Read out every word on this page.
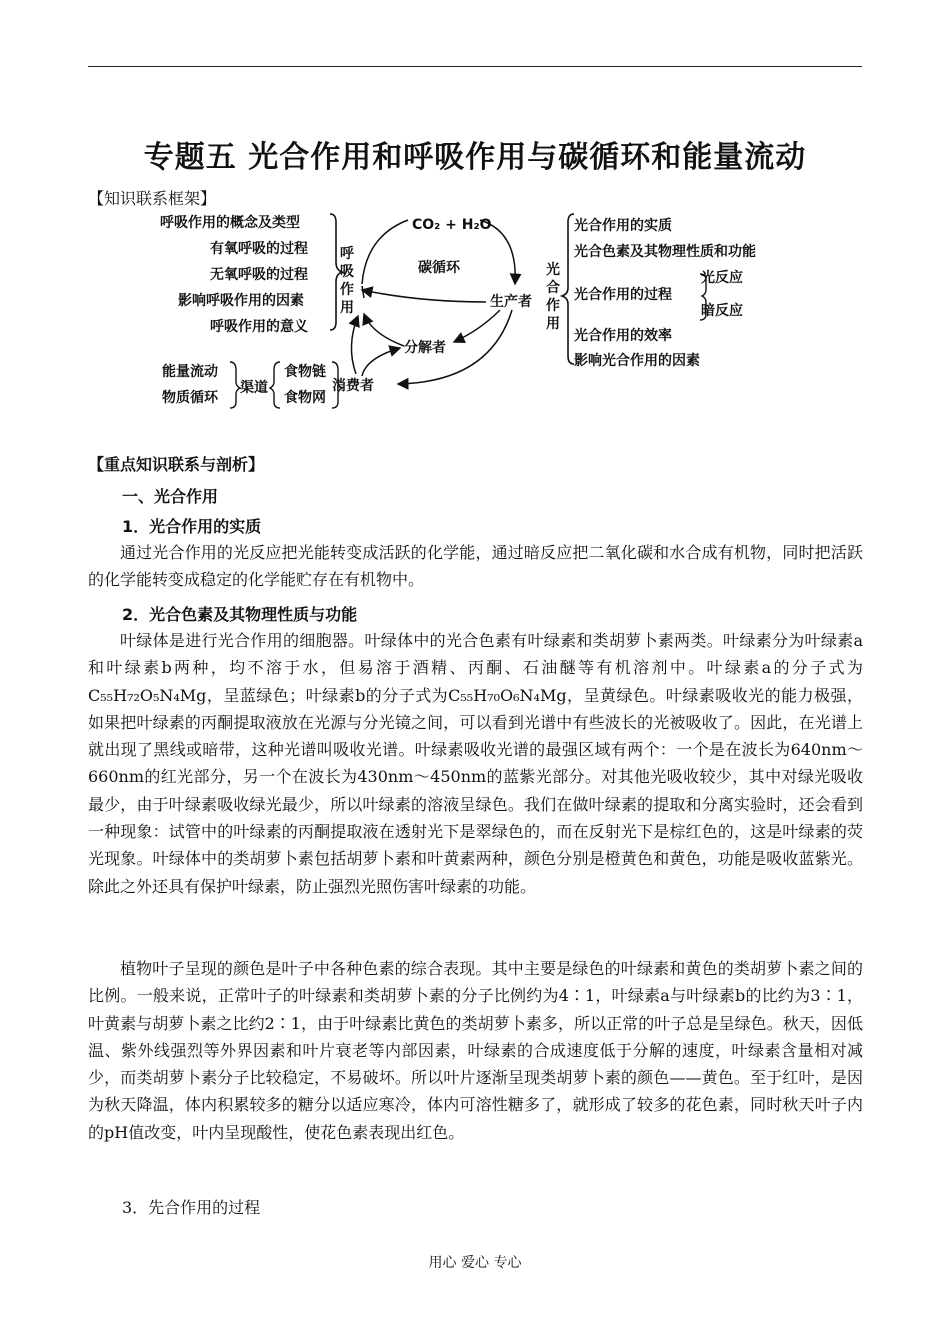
专题五 光合作用和呼吸作用与碳循环和能量流动
【知识联系框架】
呼吸作用的概念及类型
有氧呼吸的过程
无氧呼吸的过程
影响呼吸作用的因素
呼吸作用的意义
呼
吸
作
用
CO₂ + H₂O
碳循环
生产者
分解者
消费者
能量流动
物质循环
渠道
食物链
食物网
光
合
作
用
光合作用的实质
光合色素及其物理性质和功能
光合作用的过程
光反应
暗反应
光合作用的效率
影响光合作用的因素
【重点知识联系与剖析】
一、光合作用
1．光合作用的实质
通过光合作用的光反应把光能转变成活跃的化学能，通过暗反应把二氧化碳和水合成有机物，同时把活跃的化学能转变成稳定的化学能贮存在有机物中。
2．光合色素及其物理性质与功能
叶绿体是进行光合作用的细胞器。叶绿体中的光合色素有叶绿素和类胡萝卜素两类。叶绿素分为叶绿素a和叶绿素b两种，均不溶于水，但易溶于酒精、丙酮、石油醚等有机溶剂中。叶绿素a的分子式为C₅₅H₇₂O₅N₄Mg，呈蓝绿色；叶绿素b的分子式为C₅₅H₇₀O₆N₄Mg，呈黄绿色。叶绿素吸收光的能力极强，如果把叶绿素的丙酮提取液放在光源与分光镜之间，可以看到光谱中有些波长的光被吸收了。因此，在光谱上就出现了黑线或暗带，这种光谱叫吸收光谱。叶绿素吸收光谱的最强区域有两个：一个是在波长为640nm～660nm的红光部分，另一个在波长为430nm～450nm的蓝紫光部分。对其他光吸收较少，其中对绿光吸收最少，由于叶绿素吸收绿光最少，所以叶绿素的溶液呈绿色。我们在做叶绿素的提取和分离实验时，还会看到一种现象：试管中的叶绿素的丙酮提取液在透射光下是翠绿色的，而在反射光下是棕红色的，这是叶绿素的荧光现象。叶绿体中的类胡萝卜素包括胡萝卜素和叶黄素两种，颜色分别是橙黄色和黄色，功能是吸收蓝紫光。除此之外还具有保护叶绿素，防止强烈光照伤害叶绿素的功能。
植物叶子呈现的颜色是叶子中各种色素的综合表现。其中主要是绿色的叶绿素和黄色的类胡萝卜素之间的比例。一般来说，正常叶子的叶绿素和类胡萝卜素的分子比例约为4∶1，叶绿素a与叶绿素b的比约为3∶1，叶黄素与胡萝卜素之比约2∶1，由于叶绿素比黄色的类胡萝卜素多，所以正常的叶子总是呈绿色。秋天，因低温、紫外线强烈等外界因素和叶片衰老等内部因素，叶绿素的合成速度低于分解的速度，叶绿素含量相对减少，而类胡萝卜素分子比较稳定，不易破坏。所以叶片逐渐呈现类胡萝卜素的颜色——黄色。至于红叶，是因为秋天降温，体内积累较多的糖分以适应寒冷，体内可溶性糖多了，就形成了较多的花色素，同时秋天叶子内的pH值改变，叶内呈现酸性，使花色素表现出红色。
3．先合作用的过程
用心 爱心 专心
